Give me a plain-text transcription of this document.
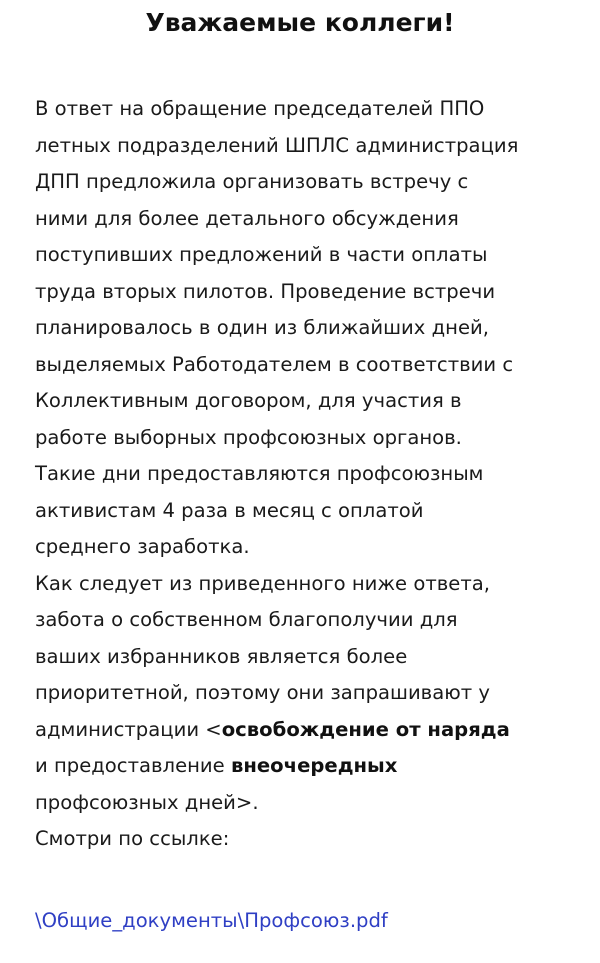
Уважаемые коллеги!
В ответ на обращение председателей ППО
летных подразделений ШПЛС администрация
ДПП предложила организовать встречу с
ними для более детального обсуждения
поступивших предложений в части оплаты
труда вторых пилотов. Проведение встречи
планировалось в один из ближайших дней,
выделяемых Работодателем в соответствии с
Коллективным договором, для участия в
работе выборных профсоюзных органов.
Такие дни предоставляются профсоюзным
активистам 4 раза в месяц с оплатой
среднего заработка.
Как следует из приведенного ниже ответа,
забота о собственном благополучии для
ваших избранников является более
приоритетной, поэтому они запрашивают у
администрации <освобождение от наряда
и предоставление внеочередных
профсоюзных дней>.
Смотри по ссылке:
\Общие_документы\Профсоюз.pdf
